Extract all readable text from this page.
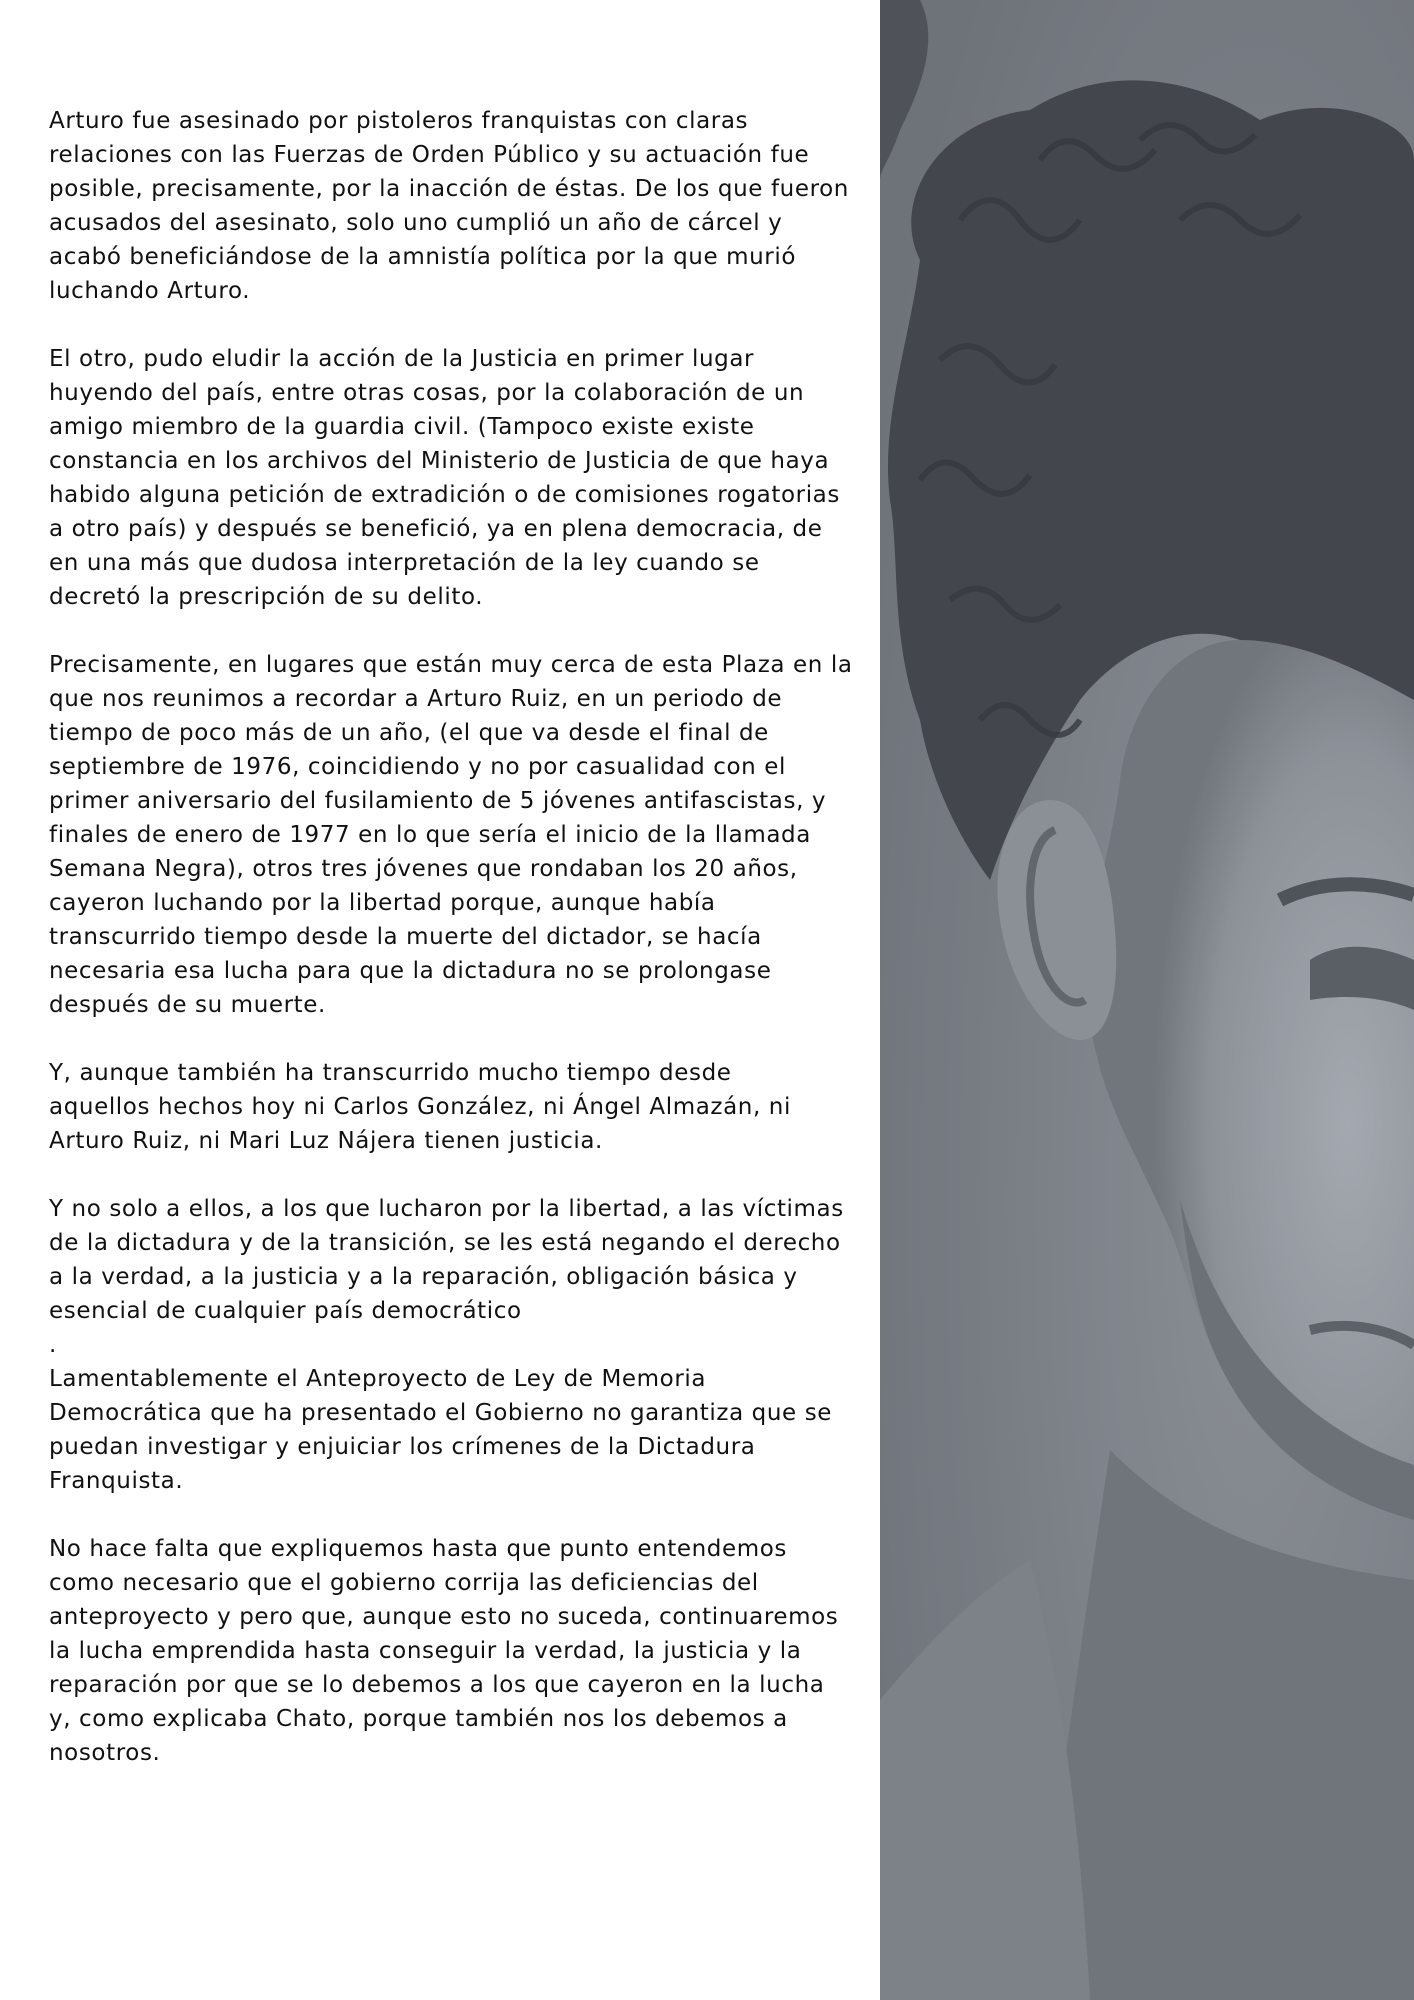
Arturo fue asesinado por pistoleros franquistas con claras
relaciones con las Fuerzas de Orden Público y su actuación fue
posible, precisamente, por la inacción de éstas. De los que fueron
acusados del asesinato, solo uno cumplió un año de cárcel y
acabó beneficiándose de la amnistía política por la que murió
luchando Arturo.

El otro, pudo eludir la acción de la Justicia en primer lugar
huyendo del país, entre otras cosas, por la colaboración de un
amigo miembro de la guardia civil. (Tampoco existe existe
constancia en los archivos del Ministerio de Justicia de que haya
habido alguna petición de extradición o de comisiones rogatorias
a otro país) y después se benefició, ya en plena democracia, de
en una más que dudosa interpretación de la ley cuando se
decretó la prescripción de su delito.

Precisamente, en lugares que están muy cerca de esta Plaza en la
que nos reunimos a recordar a Arturo Ruiz, en un periodo de
tiempo de poco más de un año, (el que va desde el final de
septiembre de 1976, coincidiendo y no por casualidad con el
primer aniversario del fusilamiento de 5 jóvenes antifascistas, y
finales de enero de 1977 en lo que sería el inicio de la llamada
Semana Negra), otros tres jóvenes que rondaban los 20 años,
cayeron luchando por la libertad porque, aunque había
transcurrido tiempo desde la muerte del dictador, se hacía
necesaria esa lucha para que la dictadura no se prolongase
después de su muerte.

Y, aunque también ha transcurrido mucho tiempo desde
aquellos hechos hoy ni Carlos González, ni Ángel Almazán, ni
Arturo Ruiz, ni Mari Luz Nájera tienen justicia.

Y no solo a ellos, a los que lucharon por la libertad, a las víctimas
de la dictadura y de la transición, se les está negando el derecho
a la verdad, a la justicia y a la reparación, obligación básica y
esencial de cualquier país democrático

.

Lamentablemente el Anteproyecto de Ley de Memoria
Democrática que ha presentado el Gobierno no garantiza que se
puedan investigar y enjuiciar los crímenes de la Dictadura
Franquista.

No hace falta que expliquemos hasta que punto entendemos
como necesario que el gobierno corrija las deficiencias del
anteproyecto y pero que, aunque esto no suceda, continuaremos
la lucha emprendida hasta conseguir la verdad, la justicia y la
reparación por que se lo debemos a los que cayeron en la lucha
y, como explicaba Chato, porque también nos los debemos a
nosotros.
